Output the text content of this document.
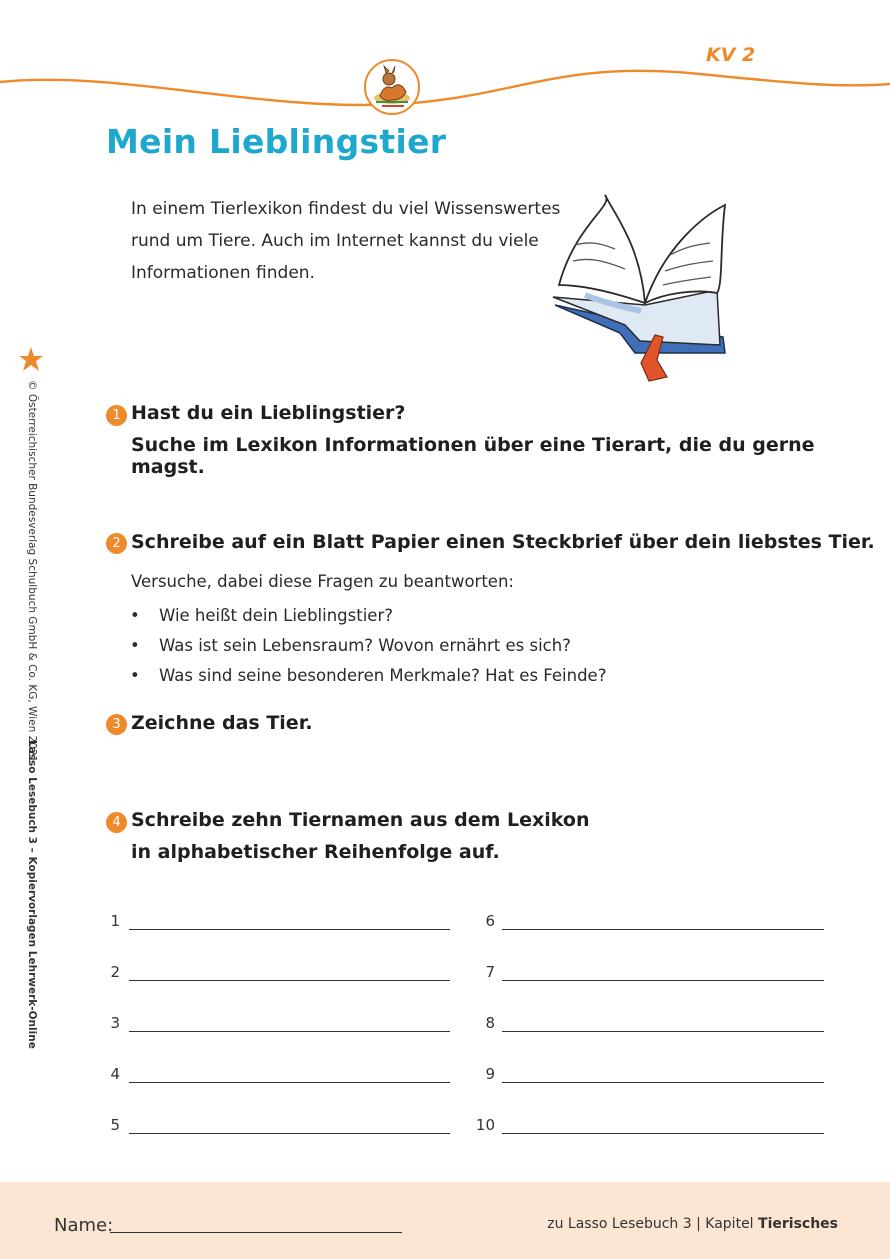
KV 2
Mein Lieblingstier
In einem Tierlexikon findest du viel Wissenswertes
rund um Tiere. Auch im Internet kannst du viele
Informationen finden.
© Österreichischer Bundesverlag Schulbuch GmbH & Co. KG, Wien 2021
Lasso Lesebuch 3 – Kopiervorlagen Lehrwerk-Online
1 Hast du ein Lieblingstier?
Suche im Lexikon Informationen über eine Tierart, die du gerne magst.
2 Schreibe auf ein Blatt Papier einen Steckbrief über dein liebstes Tier.
Versuche, dabei diese Fragen zu beantworten:
• Wie heißt dein Lieblingstier?
• Was ist sein Lebensraum? Wovon ernährt es sich?
• Was sind seine besonderen Merkmale? Hat es Feinde?
3 Zeichne das Tier.
4 Schreibe zehn Tiernamen aus dem Lexikon
in alphabetischer Reihenfolge auf.
1
2
3
4
5
6
7
8
9
10
Name:	zu Lasso Lesebuch 3 | Kapitel Tierisches
